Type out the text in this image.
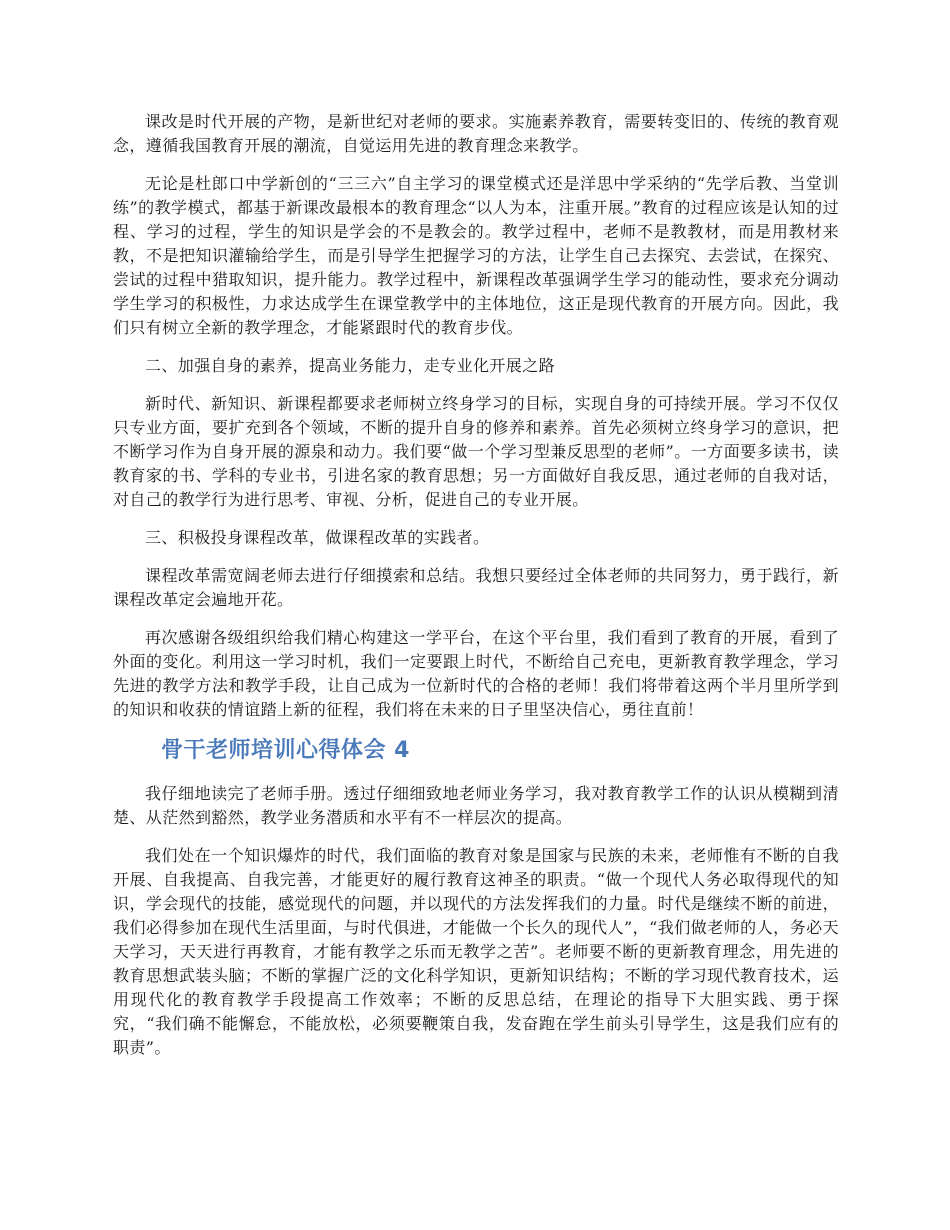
课改是时代开展的产物，是新世纪对老师的要求。实施素养教育，需要转变旧的、传统的教育观念，遵循我国教育开展的潮流，自觉运用先进的教育理念来教学。

无论是杜郎口中学新创的“三三六”自主学习的课堂模式还是洋思中学采纳的“先学后教、当堂训练”的教学模式，都基于新课改最根本的教育理念“以人为本，注重开展。”教育的过程应该是认知的过程、学习的过程，学生的知识是学会的不是教会的。教学过程中，老师不是教教材，而是用教材来教，不是把知识灌输给学生，而是引导学生把握学习的方法，让学生自己去探究、去尝试，在探究、尝试的过程中猎取知识，提升能力。教学过程中，新课程改革强调学生学习的能动性，要求充分调动学生学习的积极性，力求达成学生在课堂教学中的主体地位，这正是现代教育的开展方向。因此，我们只有树立全新的教学理念，才能紧跟时代的教育步伐。

二、加强自身的素养，提高业务能力，走专业化开展之路

新时代、新知识、新课程都要求老师树立终身学习的目标，实现自身的可持续开展。学习不仅仅只专业方面，要扩充到各个领域，不断的提升自身的修养和素养。首先必须树立终身学习的意识，把不断学习作为自身开展的源泉和动力。我们要“做一个学习型兼反思型的老师”。一方面要多读书，读教育家的书、学科的专业书，引进名家的教育思想；另一方面做好自我反思，通过老师的自我对话，对自己的教学行为进行思考、审视、分析，促进自己的专业开展。

三、积极投身课程改革，做课程改革的实践者。

课程改革需宽阔老师去进行仔细摸索和总结。我想只要经过全体老师的共同努力，勇于践行，新课程改革定会遍地开花。

再次感谢各级组织给我们精心构建这一学平台，在这个平台里，我们看到了教育的开展，看到了外面的变化。利用这一学习时机，我们一定要跟上时代，不断给自己充电，更新教育教学理念，学习先进的教学方法和教学手段，让自己成为一位新时代的合格的老师！我们将带着这两个半月里所学到的知识和收获的情谊踏上新的征程，我们将在未来的日子里坚决信心，勇往直前！

骨干老师培训心得体会 4

我仔细地读完了老师手册。透过仔细细致地老师业务学习，我对教育教学工作的认识从模糊到清楚、从茫然到豁然，教学业务潜质和水平有不一样层次的提高。

我们处在一个知识爆炸的时代，我们面临的教育对象是国家与民族的未来，老师惟有不断的自我开展、自我提高、自我完善，才能更好的履行教育这神圣的职责。“做一个现代人务必取得现代的知识，学会现代的技能，感觉现代的问题，并以现代的方法发挥我们的力量。时代是继续不断的前进，我们必得参加在现代生活里面，与时代俱进，才能做一个长久的现代人”，“我们做老师的人，务必天天学习，天天进行再教育，才能有教学之乐而无教学之苦”。老师要不断的更新教育理念，用先进的教育思想武装头脑；不断的掌握广泛的文化科学知识，更新知识结构；不断的学习现代教育技术，运用现代化的教育教学手段提高工作效率；不断的反思总结，在理论的指导下大胆实践、勇于探究，“我们确不能懈怠，不能放松，必须要鞭策自我，发奋跑在学生前头引导学生，这是我们应有的职责”。
